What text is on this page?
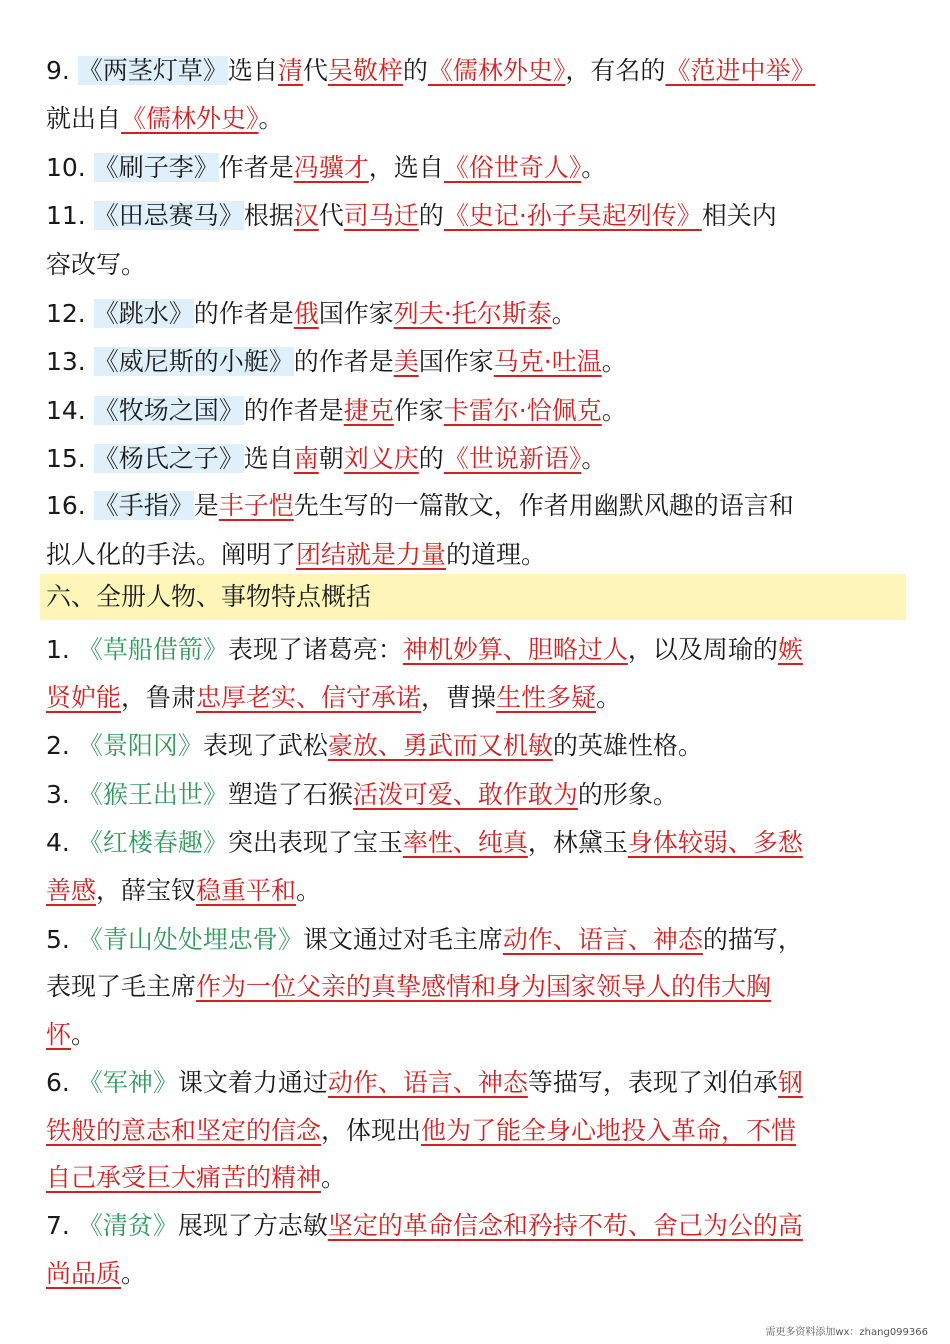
9. 《两茎灯草》选自清代吴敬梓的《儒林外史》，有名的《范进中举》
就出自《儒林外史》。
10. 《刷子李》作者是冯骥才，选自《俗世奇人》。
11. 《田忌赛马》根据汉代司马迁的《史记·孙子吴起列传》相关内
容改写。
12. 《跳水》的作者是俄国作家列夫·托尔斯泰。
13. 《威尼斯的小艇》的作者是美国作家马克·吐温。
14. 《牧场之国》的作者是捷克作家卡雷尔·恰佩克。
15. 《杨氏之子》选自南朝刘义庆的《世说新语》。
16. 《手指》是丰子恺先生写的一篇散文，作者用幽默风趣的语言和
拟人化的手法。阐明了团结就是力量的道理。
六、全册人物、事物特点概括
1. 《草船借箭》表现了诸葛亮：神机妙算、胆略过人，以及周瑜的嫉
贤妒能，鲁肃忠厚老实、信守承诺，曹操生性多疑。
2. 《景阳冈》表现了武松豪放、勇武而又机敏的英雄性格。
3. 《猴王出世》塑造了石猴活泼可爱、敢作敢为的形象。
4. 《红楼春趣》突出表现了宝玉率性、纯真，林黛玉身体较弱、多愁
善感，薛宝钗稳重平和。
5. 《青山处处埋忠骨》课文通过对毛主席动作、语言、神态的描写，
表现了毛主席作为一位父亲的真挚感情和身为国家领导人的伟大胸
怀。
6. 《军神》课文着力通过动作、语言、神态等描写，表现了刘伯承钢
铁般的意志和坚定的信念，体现出他为了能全身心地投入革命，不惜
自己承受巨大痛苦的精神。
7. 《清贫》展现了方志敏坚定的革命信念和矜持不苟、舍己为公的高
尚品质。
需更多资料添加wx：zhang099366
